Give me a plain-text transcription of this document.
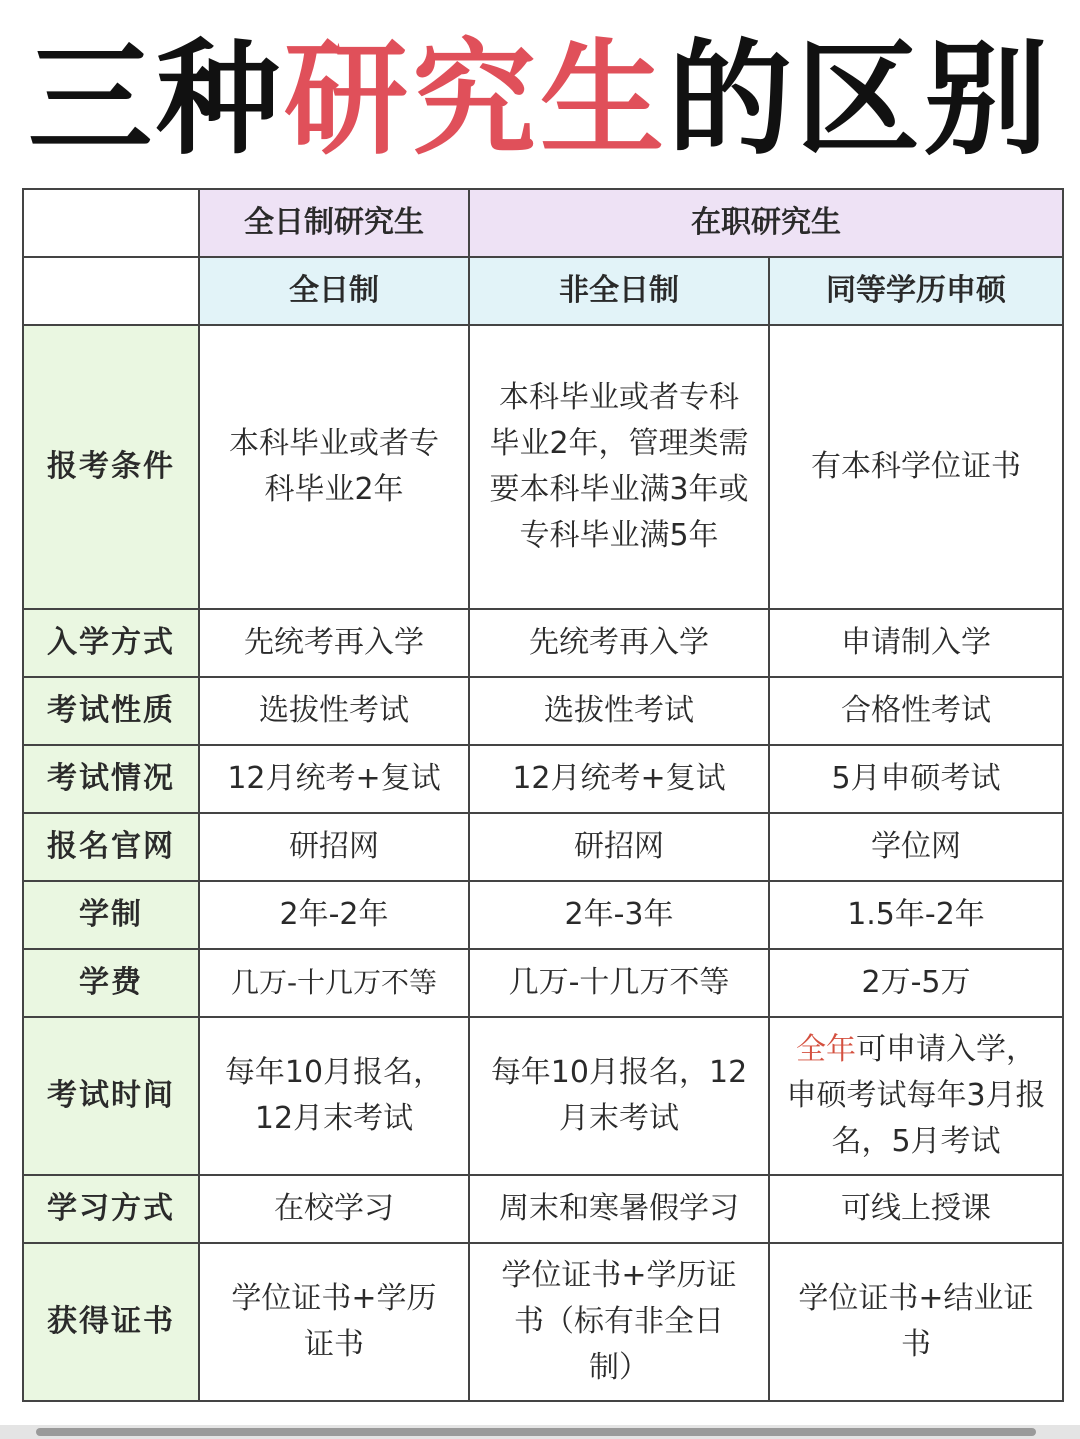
三种研究生的区别
	全日制研究生	在职研究生	
	全日制	非全日制	同等学历申硕
报考条件	本科毕业或者专科毕业2年	本科毕业或者专科毕业2年，管理类需要本科毕业满3年或专科毕业满5年	有本科学位证书
入学方式	先统考再入学	先统考再入学	申请制入学
考试性质	选拔性考试	选拔性考试	合格性考试
考试情况	12月统考+复试	12月统考+复试	5月申硕考试
报名官网	研招网	研招网	学位网
学制	2年-2年	2年-3年	1.5年-2年
学费	几万-十几万不等	几万-十几万不等	2万-5万
考试时间	每年10月报名，12月末考试	每年10月报名，12月末考试	全年可申请入学，申硕考试每年3月报名，5月考试
学习方式	在校学习	周末和寒暑假学习	可线上授课
获得证书	学位证书+学历证书	学位证书+学历证书（标有非全日制）	学位证书+结业证书
